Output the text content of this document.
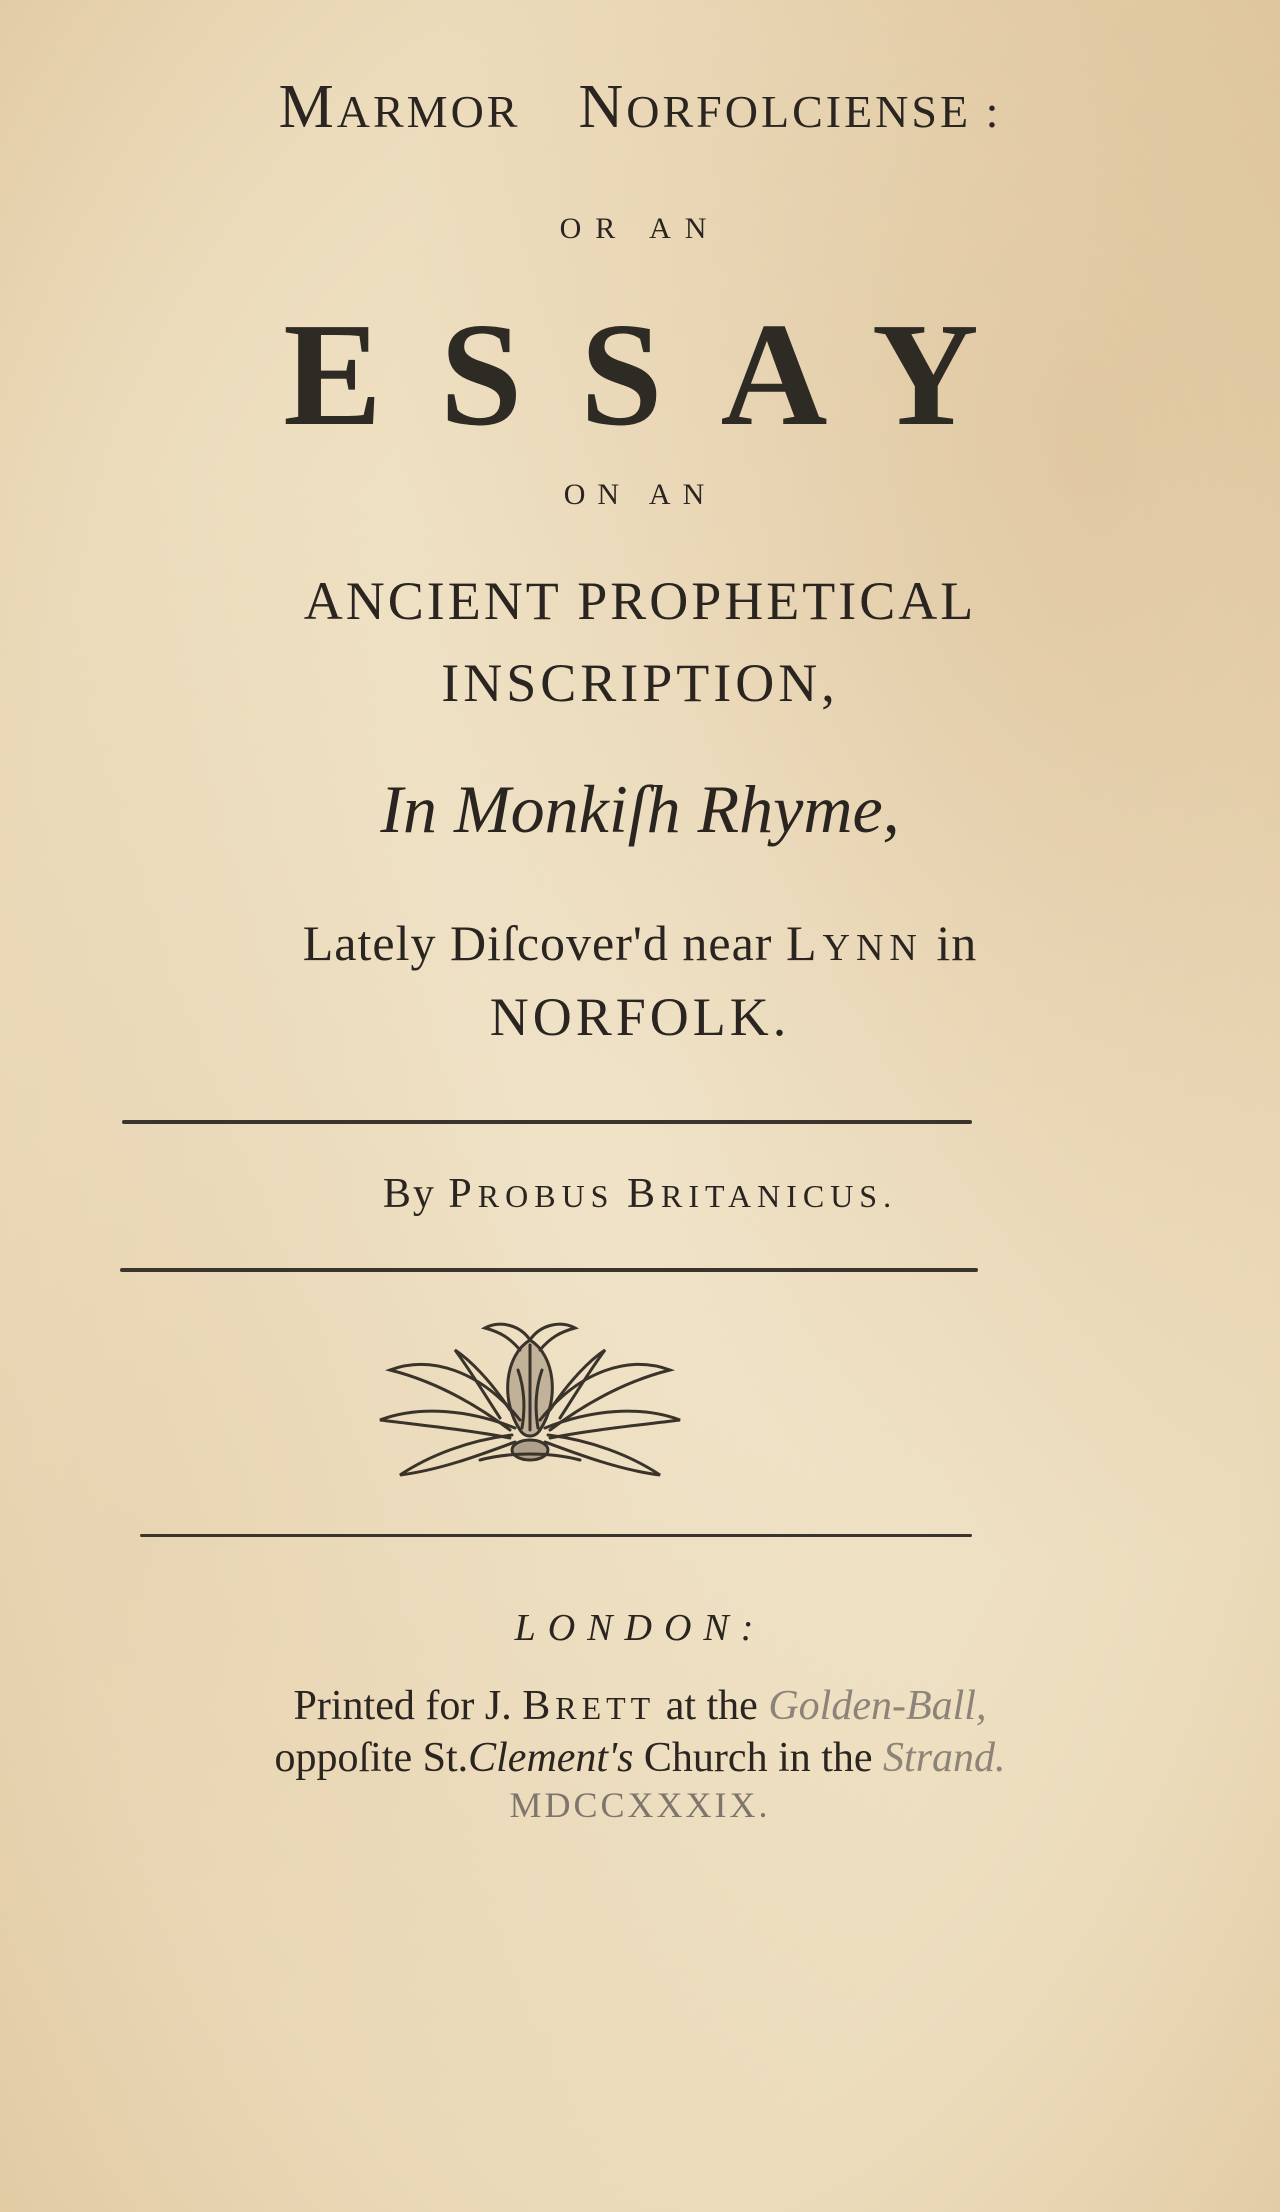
MARMOR NORFOLCIENSE :
OR AN
ESSAY
ON AN
ANCIENT PROPHETICAL
INSCRIPTION,
In Monkiſh Rhyme,
Lately Diſcover'd near LYNN in
NORFOLK.
By PROBUS BRITANICUS.
LONDON:
Printed for J. BRETT at the Golden-Ball,
oppoſite St.Clement's Church in the Strand.
MDCCXXXIX.
